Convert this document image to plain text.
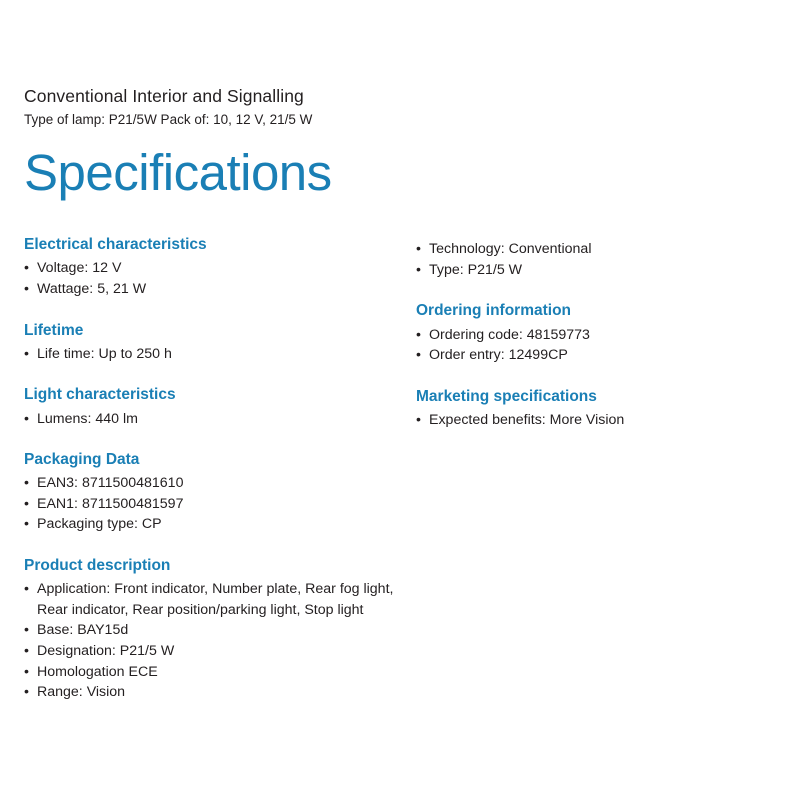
Conventional Interior and Signalling
Type of lamp: P21/5W Pack of: 10, 12 V, 21/5 W
Specifications
Electrical characteristics
• Voltage: 12 V
• Wattage: 5, 21 W
Lifetime
• Life time: Up to 250 h
Light characteristics
• Lumens: 440 lm
Packaging Data
• EAN3: 8711500481610
• EAN1: 8711500481597
• Packaging type: CP
Product description
• Application: Front indicator, Number plate, Rear fog light, Rear indicator, Rear position/parking light, Stop light
• Base: BAY15d
• Designation: P21/5 W
• Homologation ECE
• Range: Vision
• Technology: Conventional
• Type: P21/5 W
Ordering information
• Ordering code: 48159773
• Order entry: 12499CP
Marketing specifications
• Expected benefits: More Vision
